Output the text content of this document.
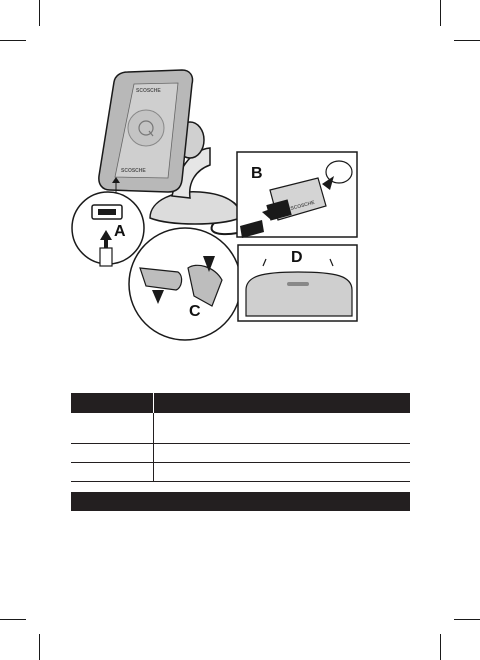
SCOSCHE
SCOSCHE
A
SCOSCHE
B
C
D
